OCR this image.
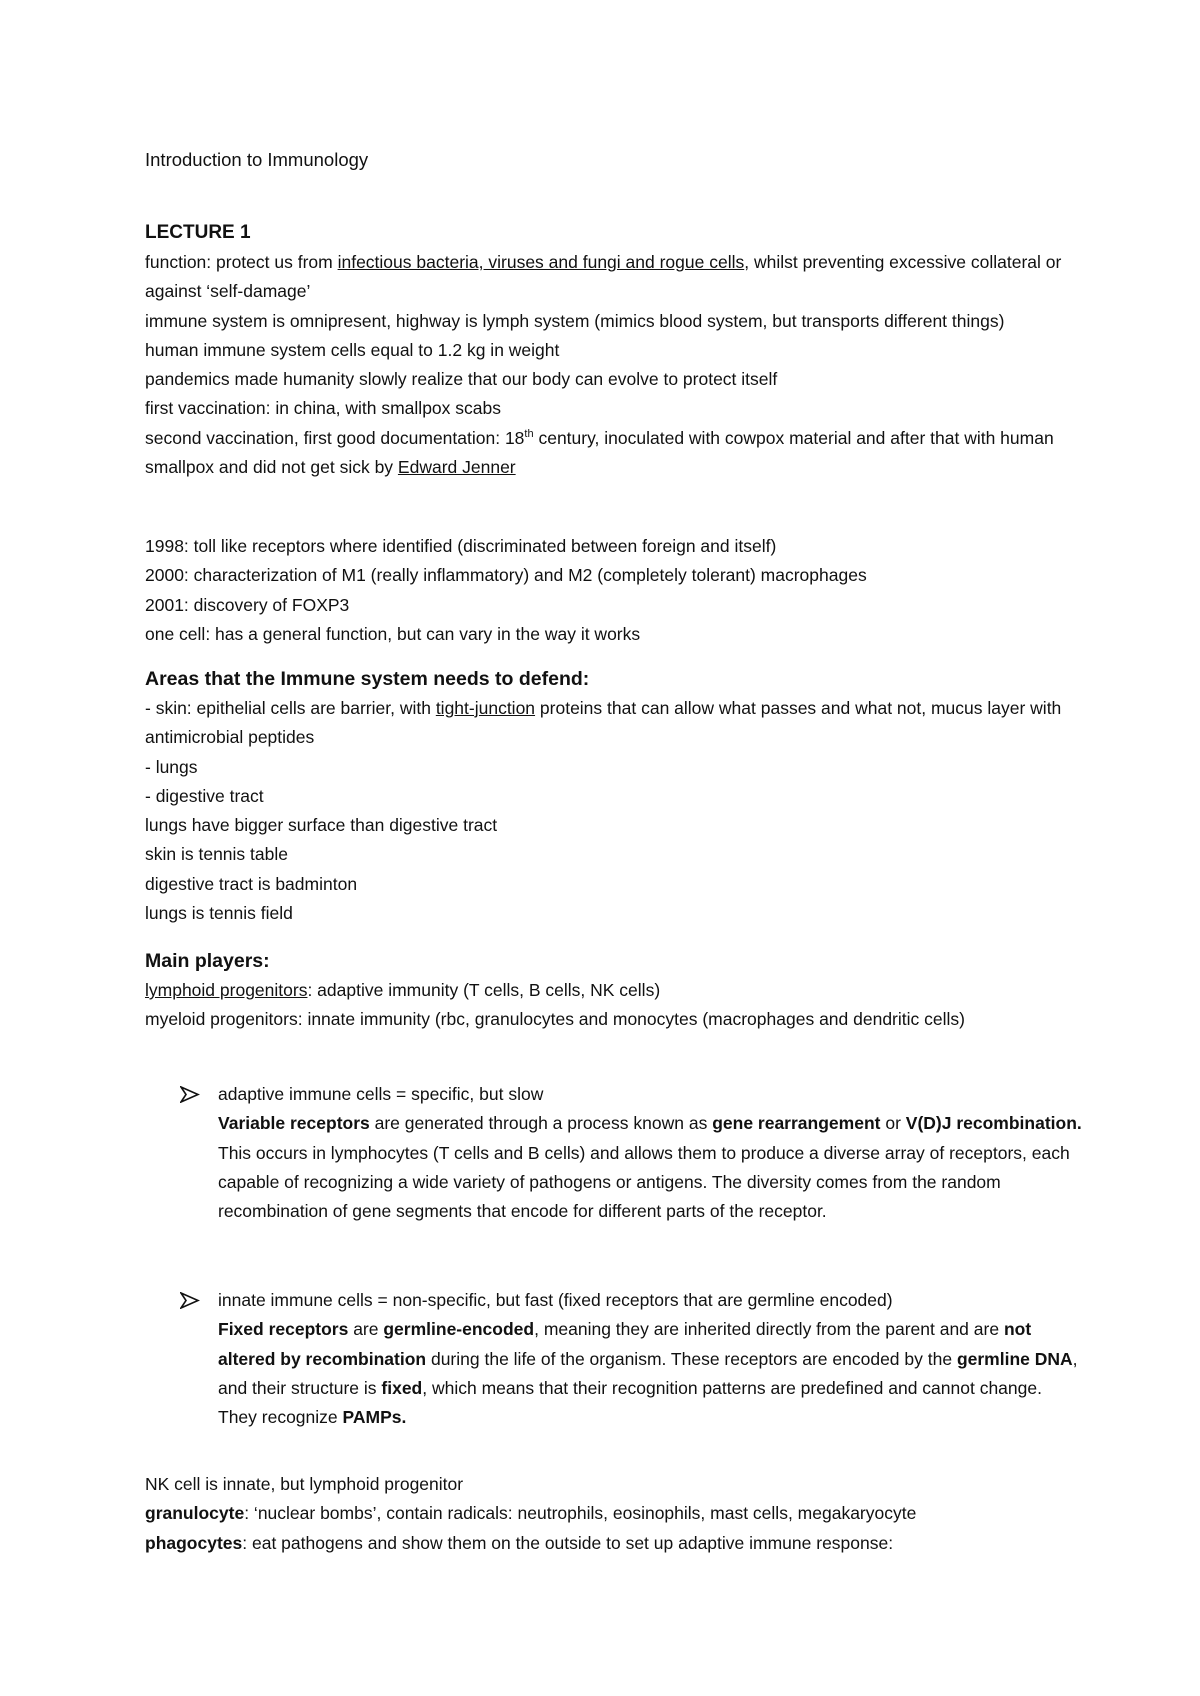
Introduction to Immunology
LECTURE 1

function: protect us from infectious bacteria, viruses and fungi and rogue cells, whilst preventing excessive collateral or against ‘self-damage’

immune system is omnipresent, highway is lymph system (mimics blood system, but transports different things)

human immune system cells equal to 1.2 kg in weight

pandemics made humanity slowly realize that our body can evolve to protect itself

first vaccination: in china, with smallpox scabs

second vaccination, first good documentation: 18th century, inoculated with cowpox material and after that with human smallpox and did not get sick by Edward Jenner

1998: toll like receptors where identified (discriminated between foreign and itself)

2000: characterization of M1 (really inflammatory) and M2 (completely tolerant) macrophages

2001: discovery of FOXP3

one cell: has a general function, but can vary in the way it works

Areas that the Immune system needs to defend:

- skin: epithelial cells are barrier, with tight-junction proteins that can allow what passes and what not, mucus layer with antimicrobial peptides

- lungs

- digestive tract

lungs have bigger surface than digestive tract

skin is tennis table

digestive tract is badminton

lungs is tennis field

Main players:

lymphoid progenitors: adaptive immunity (T cells, B cells, NK cells)

myeloid progenitors: innate immunity (rbc, granulocytes and monocytes (macrophages and dendritic cells)

adaptive immune cells = specific, but slow

Variable receptors are generated through a process known as gene rearrangement or V(D)J recombination. This occurs in lymphocytes (T cells and B cells) and allows them to produce a diverse array of receptors, each capable of recognizing a wide variety of pathogens or antigens. The diversity comes from the random recombination of gene segments that encode for different parts of the receptor.

innate immune cells = non-specific, but fast (fixed receptors that are germline encoded)

Fixed receptors are germline-encoded, meaning they are inherited directly from the parent and are not altered by recombination during the life of the organism. These receptors are encoded by the germline DNA, and their structure is fixed, which means that their recognition patterns are predefined and cannot change. They recognize PAMPs.

NK cell is innate, but lymphoid progenitor

granulocyte: ‘nuclear bombs’, contain radicals: neutrophils, eosinophils, mast cells, megakaryocyte

phagocytes: eat pathogens and show them on the outside to set up adaptive immune response:
